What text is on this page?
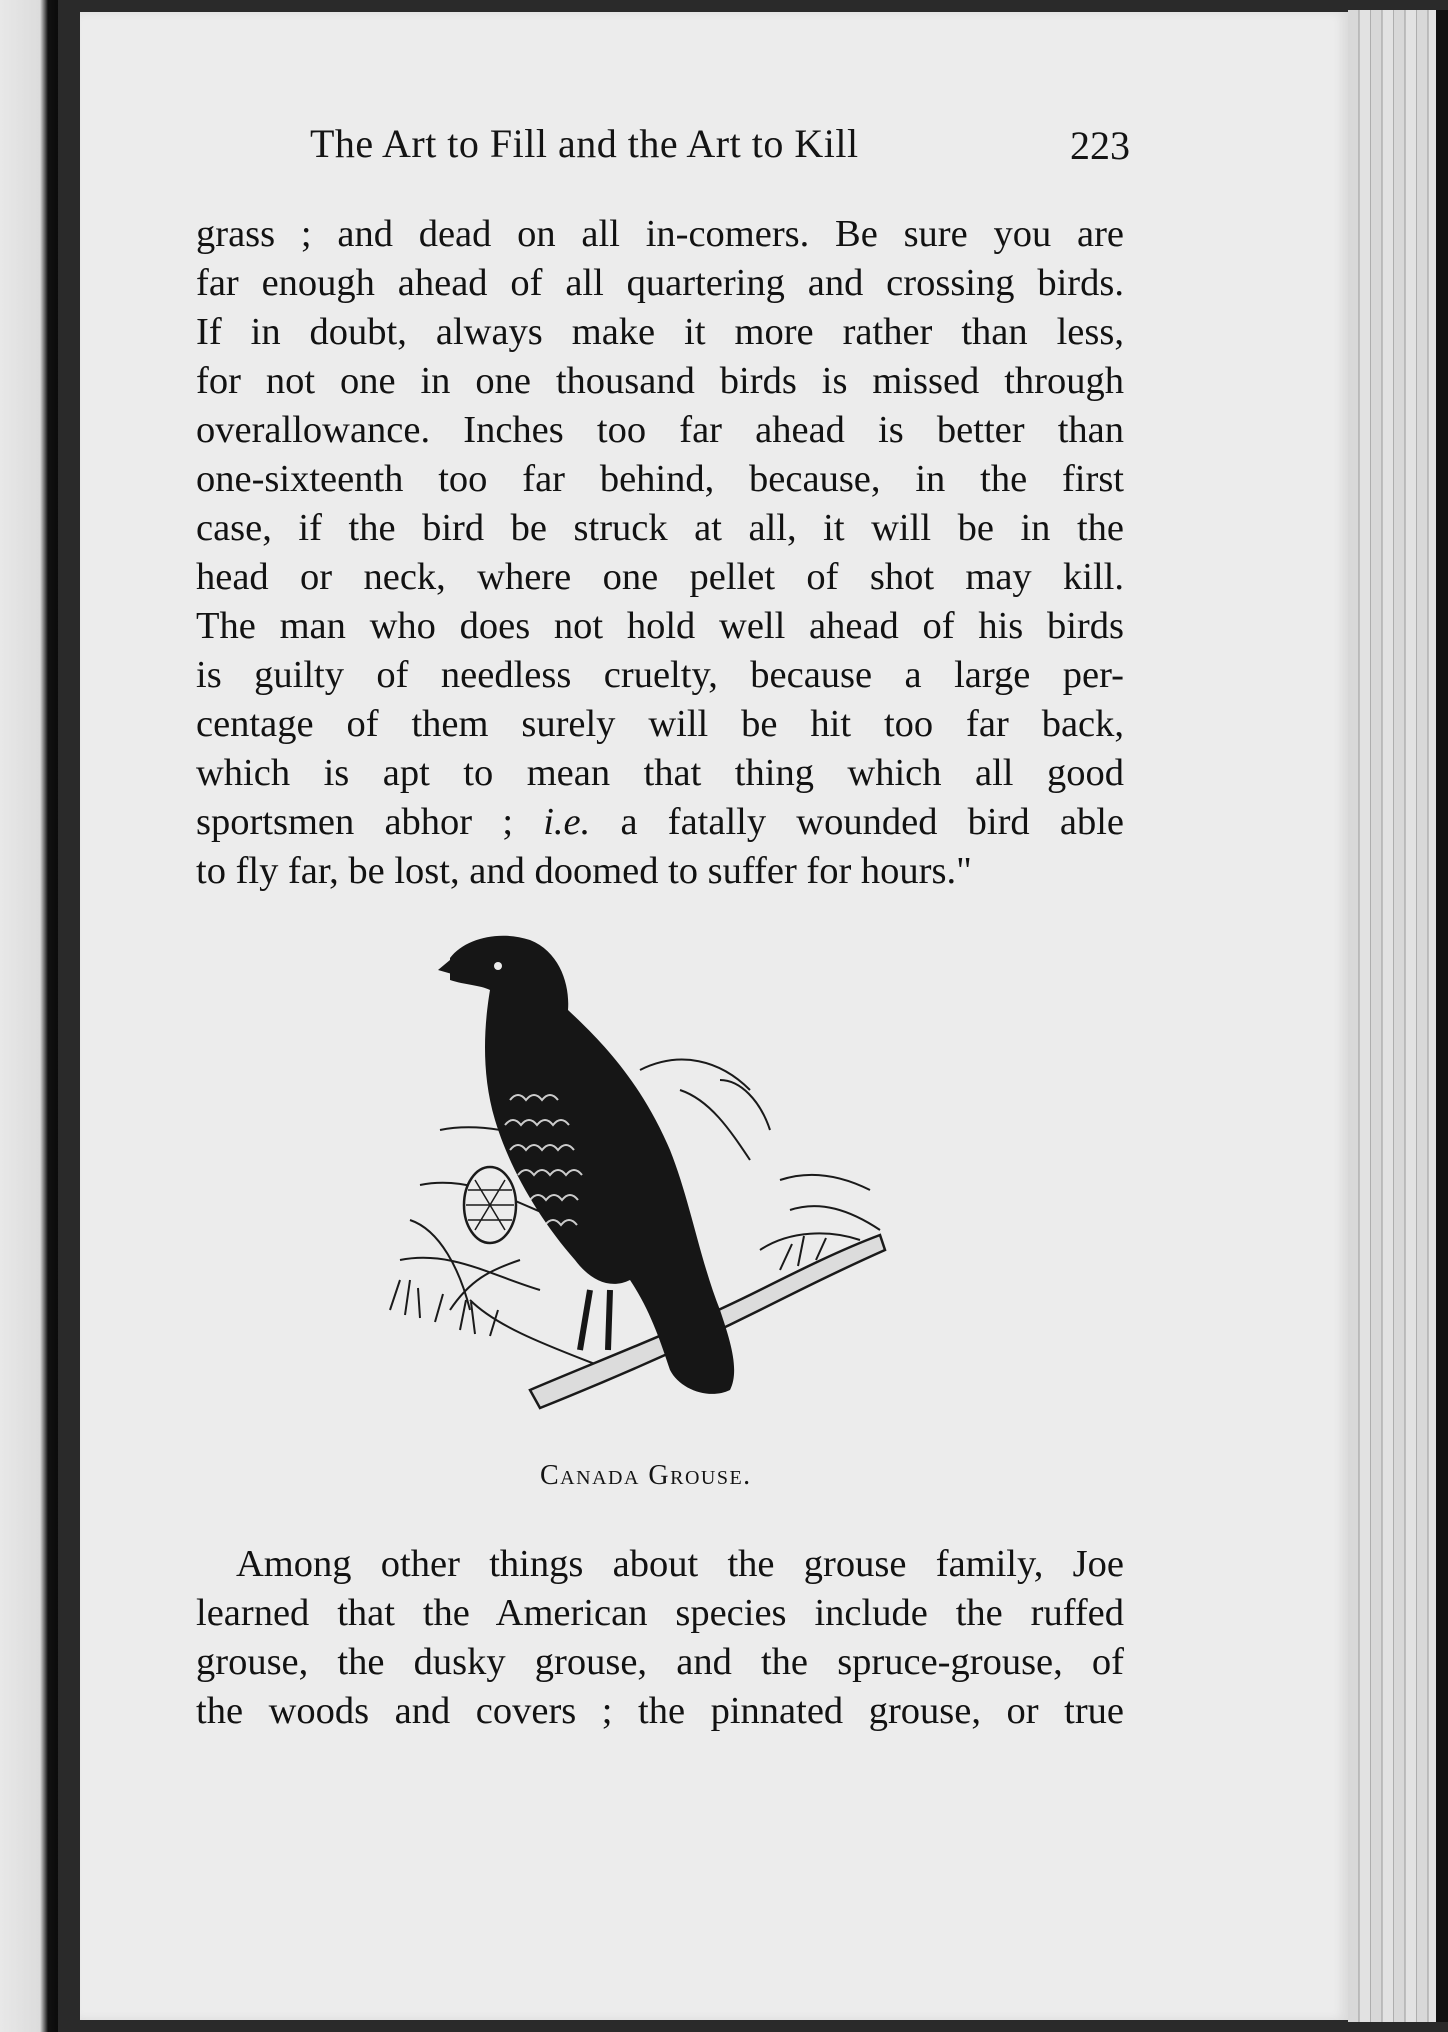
The Art to Fill and the Art to Kill	223
grass ; and dead on all in-comers. Be sure you are
far enough ahead of all quartering and crossing birds.
If in doubt, always make it more rather than less,
for not one in one thousand birds is missed through
overallowance. Inches too far ahead is better than
one-sixteenth too far behind, because, in the first
case, if the bird be struck at all, it will be in the
head or neck, where one pellet of shot may kill.
The man who does not hold well ahead of his birds
is guilty of needless cruelty, because a large per-
centage of them surely will be hit too far back,
which is apt to mean that thing which all good
sportsmen abhor ; i.e. a fatally wounded bird able
to fly far, be lost, and doomed to suffer for hours."
Canada Grouse.
Among other things about the grouse family, Joe
learned that the American species include the ruffed
grouse, the dusky grouse, and the spruce-grouse, of
the woods and covers ; the pinnated grouse, or true
